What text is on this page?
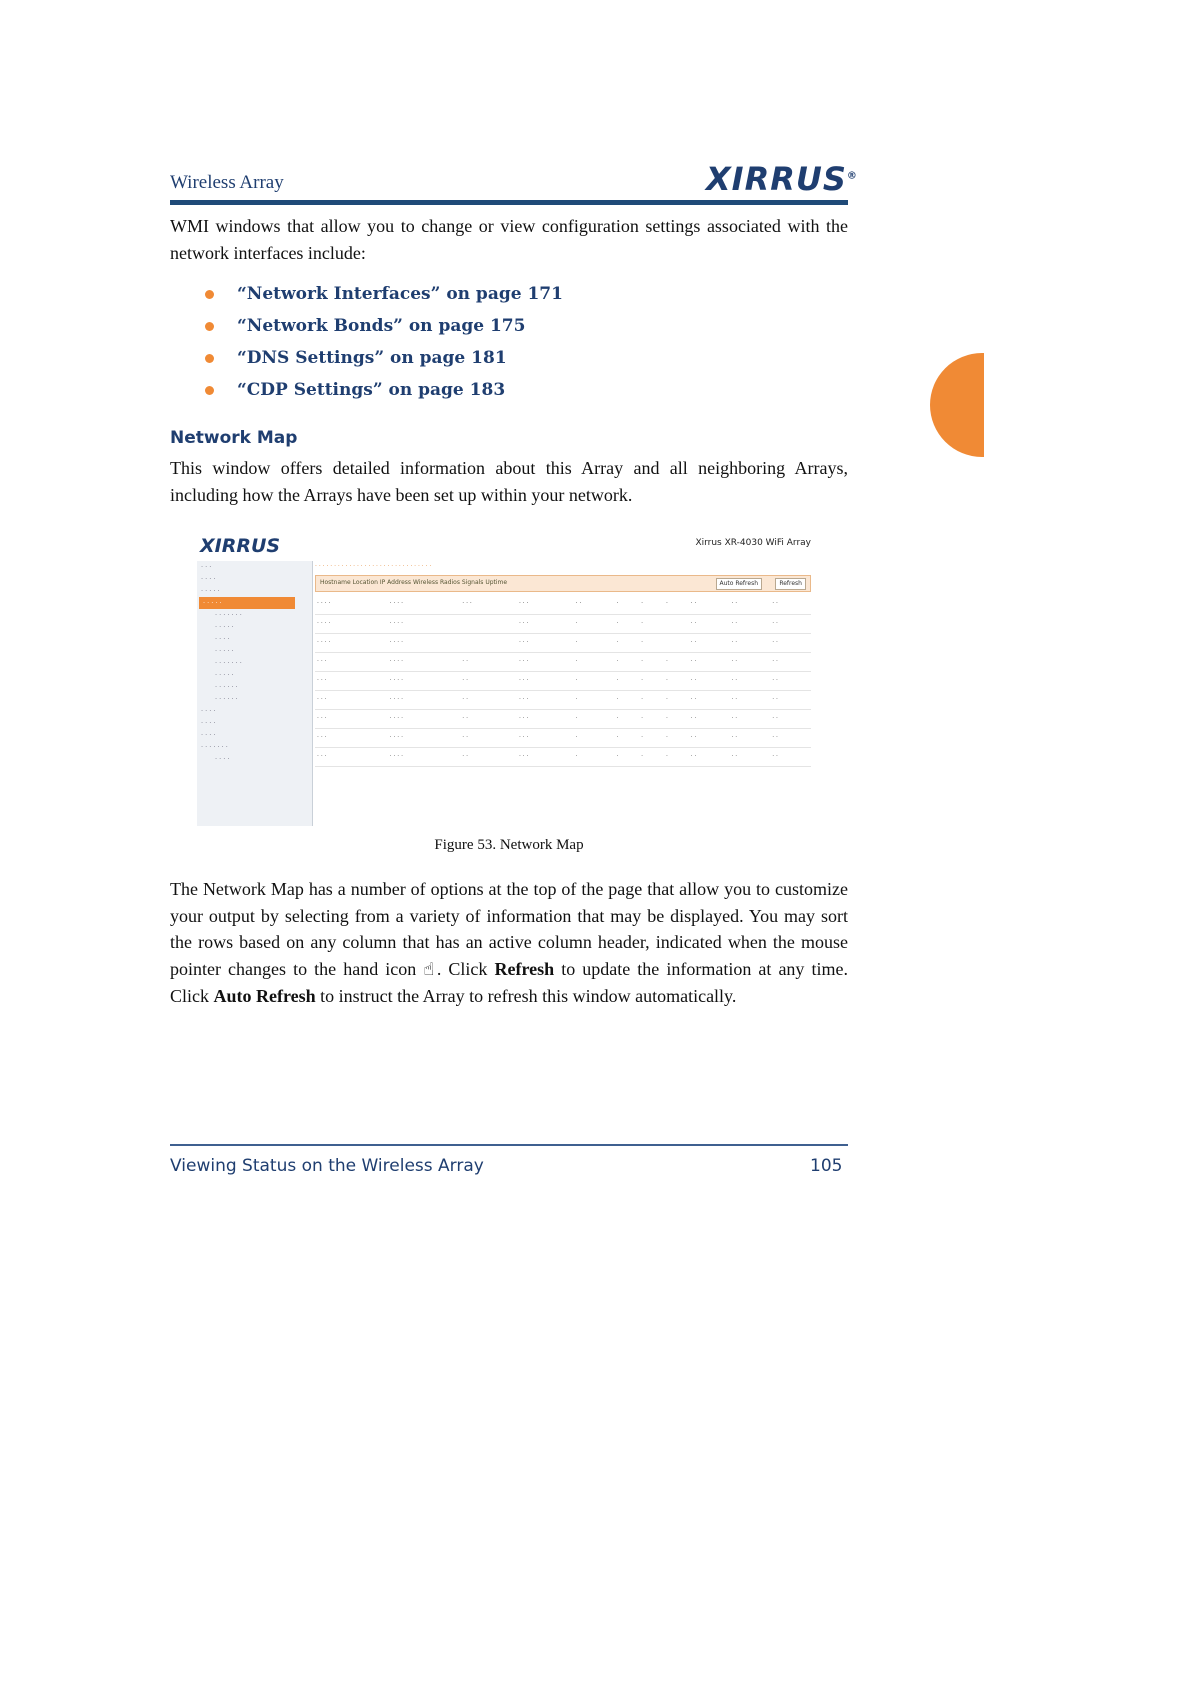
Wireless Array	XIRRUS®
WMI windows that allow you to change or view configuration settings associated with the network interfaces include:
“Network Interfaces” on page 171
“Network Bonds” on page 175
“DNS Settings” on page 181
“CDP Settings” on page 183
Network Map
This window offers detailed information about this Array and all neighboring Arrays, including how the Arrays have been set up within your network.
XIRRUS	Xirrus XR-4030 WiFi Array
· · · · · · · · · · · · · · · · · · · · · · · · · · · · · · ·
· · ·
· · · ·
· · · · ·
· · · · ·
· · · · · · ·
· · · · ·
· · · ·
· · · · ·
· · · · · · ·
· · · · ·
· · · · · ·
· · · · · ·
· · · ·
· · · ·
· · · ·
· · · · · · ·
· · · ·
Hostname Location IP Address Wireless Radios Signals Uptime	Auto Refresh	Refresh
· · · ·	· · · ·	· · ·	· · ·	· ·	·	·	·	· ·	· ·	· ·
· · · ·	· · · ·		· · ·	·	·	·		· ·	· ·	· ·
· · · ·	· · · ·		· · ·	·	·	·		· ·	· ·	· ·
· · ·	· · · ·	· ·	· · ·	·	·	·	·	· ·	· ·	· ·
· · ·	· · · ·	· ·	· · ·	·	·	·	·	· ·	· ·	· ·
· · ·	· · · ·	· ·	· · ·	·	·	·	·	· ·	· ·	· ·
· · ·	· · · ·	· ·	· · ·	·	·	·	·	· ·	· ·	· ·
· · ·	· · · ·	· ·	· · ·	·	·	·	·	· ·	· ·	· ·
· · ·	· · · ·	· ·	· · ·	·	·	·	·	· ·	· ·	· ·
Figure 53. Network Map
The Network Map has a number of options at the top of the page that allow you to customize your output by selecting from a variety of information that may be displayed. You may sort the rows based on any column that has an active column header, indicated when the mouse pointer changes to the hand icon ☝. Click Refresh to update the information at any time. Click Auto Refresh to instruct the Array to refresh this window automatically.
Viewing Status on the Wireless Array	105
